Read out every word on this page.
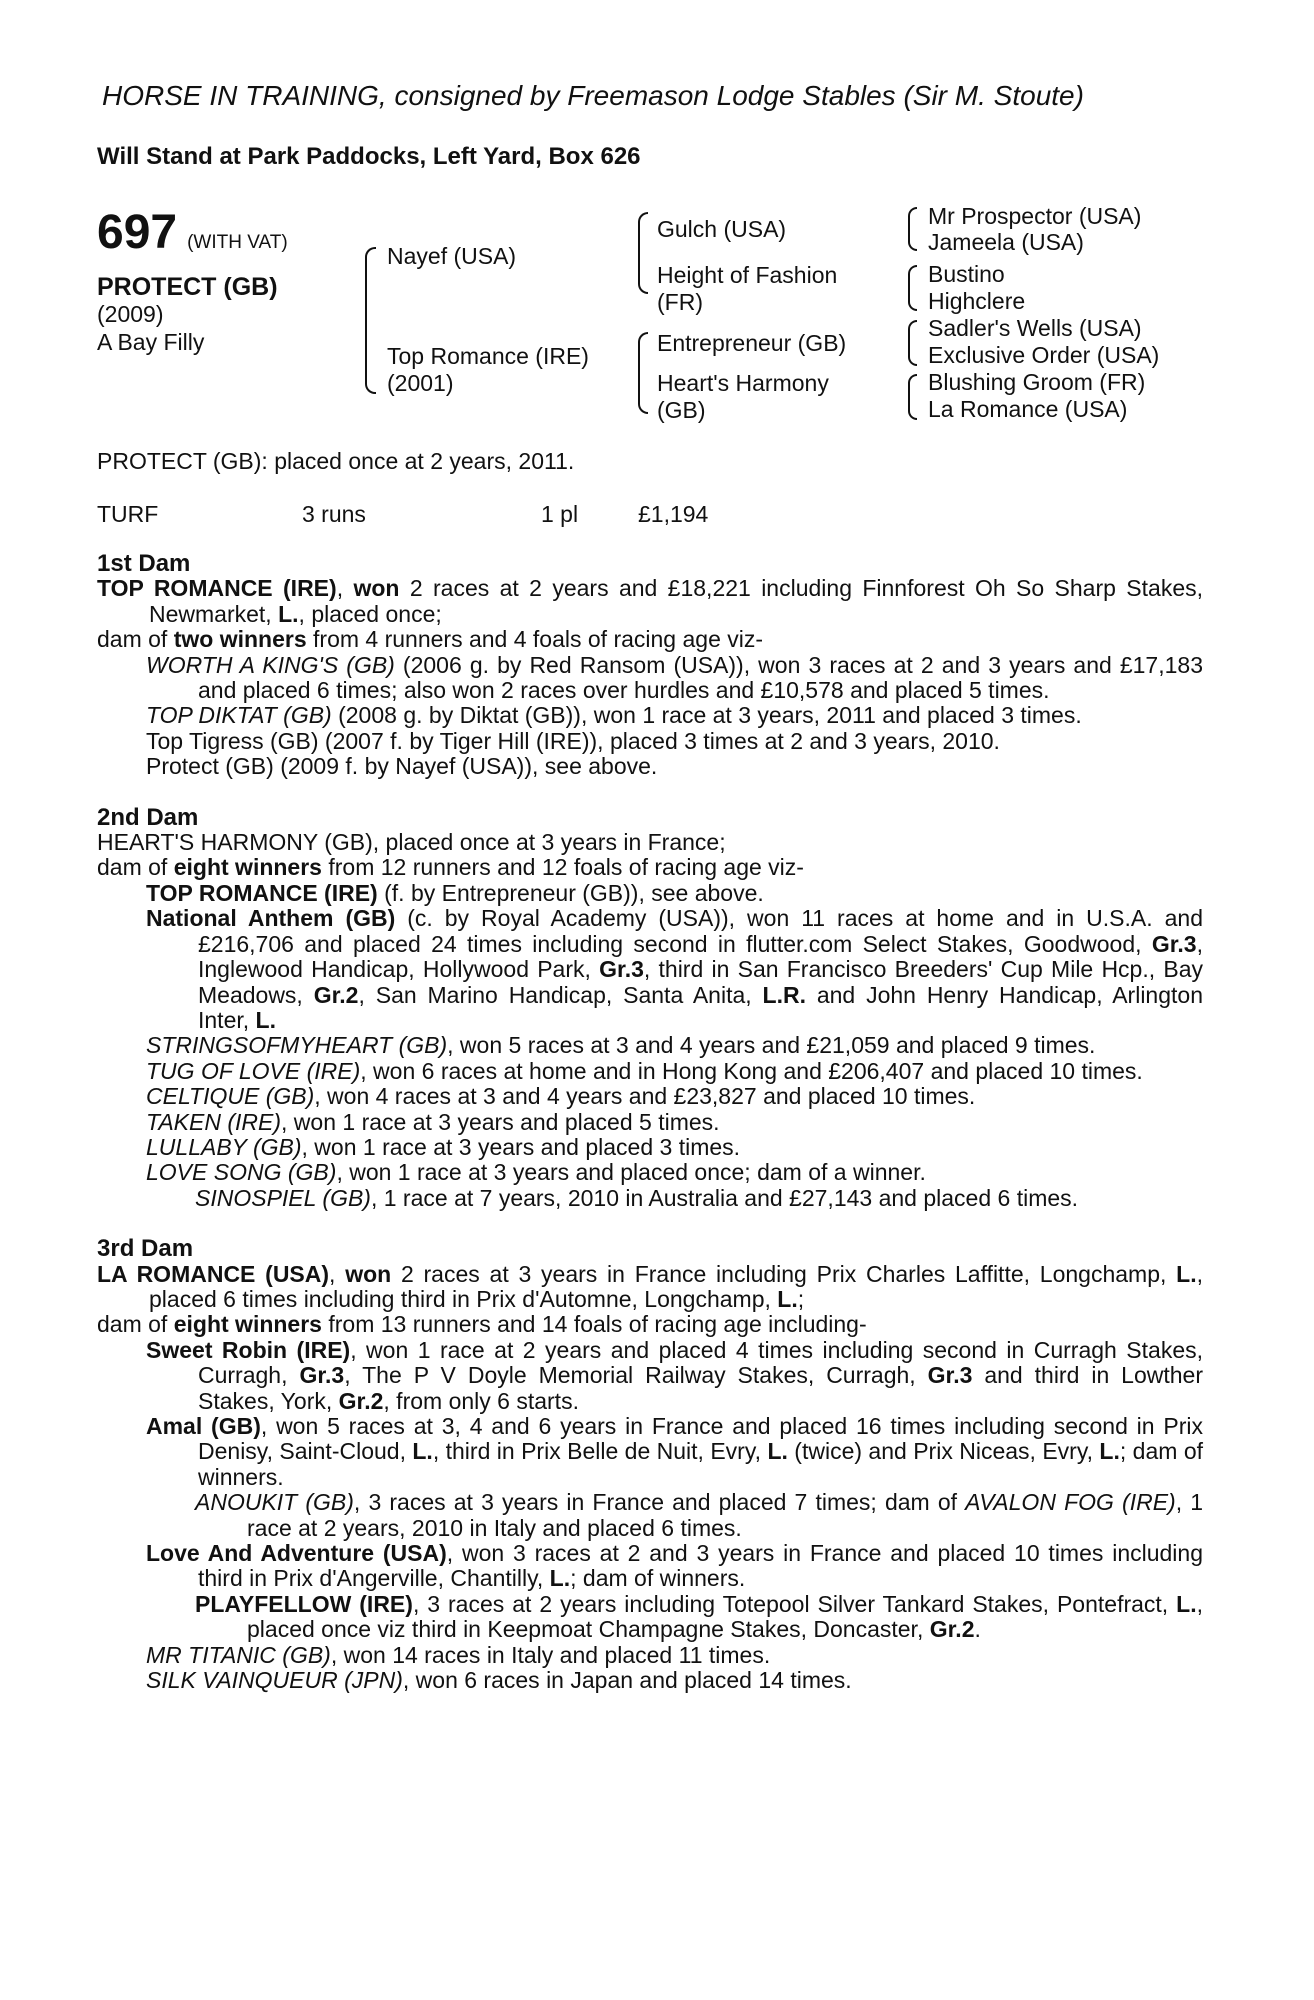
HORSE IN TRAINING, consigned by Freemason Lodge Stables (Sir M. Stoute)
Will Stand at Park Paddocks, Left Yard, Box 626
697 (WITH VAT)
PROTECT (GB)
(2009)
A Bay Filly
Nayef (USA)
Top Romance (IRE)
(2001)
Gulch (USA)
Height of Fashion
(FR)
Entrepreneur (GB)
Heart's Harmony
(GB)
Mr Prospector (USA)
Jameela (USA)
Bustino
Highclere
Sadler's Wells (USA)
Exclusive Order (USA)
Blushing Groom (FR)
La Romance (USA)
PROTECT (GB): placed once at 2 years, 2011.
TURF	3 runs	1 pl	£1,194
1st Dam
TOP ROMANCE (IRE), won 2 races at 2 years and £18,221 including Finnforest Oh So Sharp Stakes, Newmarket, L., placed once;
dam of two winners from 4 runners and 4 foals of racing age viz-
WORTH A KING'S (GB) (2006 g. by Red Ransom (USA)), won 3 races at 2 and 3 years and £17,183 and placed 6 times; also won 2 races over hurdles and £10,578 and placed 5 times.
TOP DIKTAT (GB) (2008 g. by Diktat (GB)), won 1 race at 3 years, 2011 and placed 3 times.
Top Tigress (GB) (2007 f. by Tiger Hill (IRE)), placed 3 times at 2 and 3 years, 2010.
Protect (GB) (2009 f. by Nayef (USA)), see above.
2nd Dam
HEART'S HARMONY (GB), placed once at 3 years in France;
dam of eight winners from 12 runners and 12 foals of racing age viz-
TOP ROMANCE (IRE) (f. by Entrepreneur (GB)), see above.
National Anthem (GB) (c. by Royal Academy (USA)), won 11 races at home and in U.S.A. and £216,706 and placed 24 times including second in flutter.com Select Stakes, Goodwood, Gr.3, Inglewood Handicap, Hollywood Park, Gr.3, third in San Francisco Breeders' Cup Mile Hcp., Bay Meadows, Gr.2, San Marino Handicap, Santa Anita, L.R. and John Henry Handicap, Arlington Inter, L.
STRINGSOFMYHEART (GB), won 5 races at 3 and 4 years and £21,059 and placed 9 times.
TUG OF LOVE (IRE), won 6 races at home and in Hong Kong and £206,407 and placed 10 times.
CELTIQUE (GB), won 4 races at 3 and 4 years and £23,827 and placed 10 times.
TAKEN (IRE), won 1 race at 3 years and placed 5 times.
LULLABY (GB), won 1 race at 3 years and placed 3 times.
LOVE SONG (GB), won 1 race at 3 years and placed once; dam of a winner.
SINOSPIEL (GB), 1 race at 7 years, 2010 in Australia and £27,143 and placed 6 times.
3rd Dam
LA ROMANCE (USA), won 2 races at 3 years in France including Prix Charles Laffitte, Longchamp, L., placed 6 times including third in Prix d'Automne, Longchamp, L.;
dam of eight winners from 13 runners and 14 foals of racing age including-
Sweet Robin (IRE), won 1 race at 2 years and placed 4 times including second in Curragh Stakes, Curragh, Gr.3, The P V Doyle Memorial Railway Stakes, Curragh, Gr.3 and third in Lowther Stakes, York, Gr.2, from only 6 starts.
Amal (GB), won 5 races at 3, 4 and 6 years in France and placed 16 times including second in Prix Denisy, Saint-Cloud, L., third in Prix Belle de Nuit, Evry, L. (twice) and Prix Niceas, Evry, L.; dam of winners.
ANOUKIT (GB), 3 races at 3 years in France and placed 7 times; dam of AVALON FOG (IRE), 1 race at 2 years, 2010 in Italy and placed 6 times.
Love And Adventure (USA), won 3 races at 2 and 3 years in France and placed 10 times including third in Prix d'Angerville, Chantilly, L.; dam of winners.
PLAYFELLOW (IRE), 3 races at 2 years including Totepool Silver Tankard Stakes, Pontefract, L., placed once viz third in Keepmoat Champagne Stakes, Doncaster, Gr.2.
MR TITANIC (GB), won 14 races in Italy and placed 11 times.
SILK VAINQUEUR (JPN), won 6 races in Japan and placed 14 times.
